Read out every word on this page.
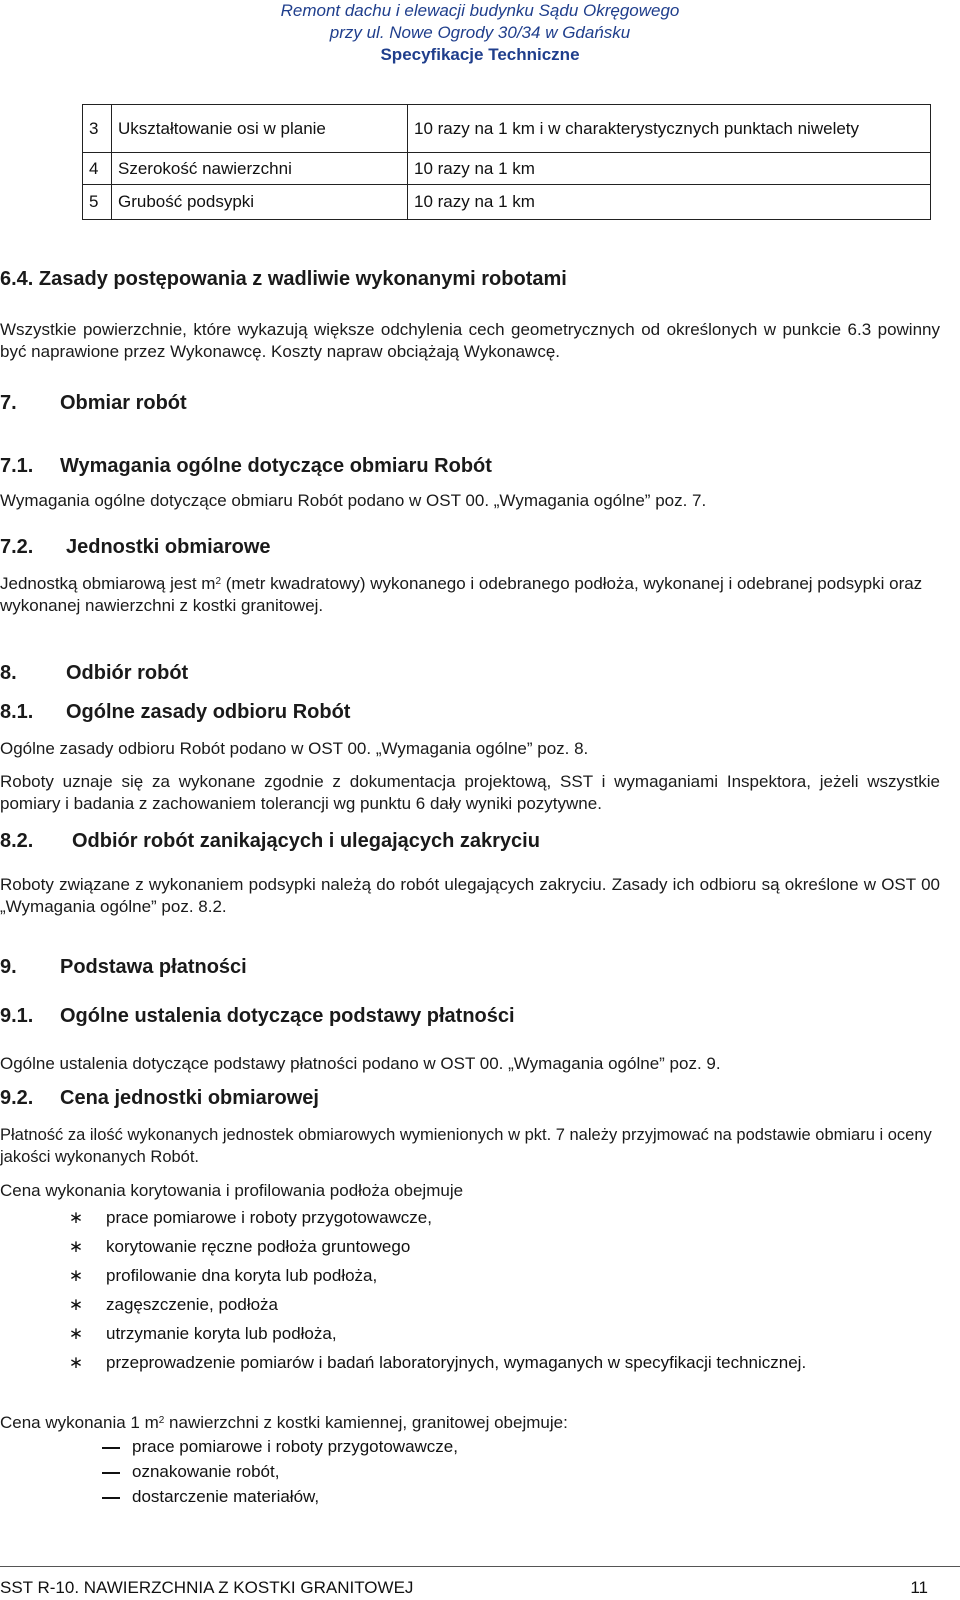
Remont dachu i elewacji budynku Sądu Okręgowego
przy ul. Nowe Ogrody 30/34 w Gdańsku
Specyfikacje Techniczne
3	Ukształtowanie osi w planie	10 razy na 1 km i w charakterystycznych punktach niwelety
4	Szerokość nawierzchni	10 razy na 1 km
5	Grubość podsypki	10 razy na 1 km
6.4. Zasady postępowania z wadliwie wykonanymi robotami
Wszystkie powierzchnie, które wykazują większe odchylenia cech geometrycznych od określonych w punkcie 6.3 powinny być naprawione przez Wykonawcę. Koszty napraw obciążają Wykonawcę.
7. Obmiar robót
7.1. Wymagania ogólne dotyczące obmiaru Robót
Wymagania ogólne dotyczące obmiaru Robót podano w OST 00. „Wymagania ogólne” poz. 7.
7.2. Jednostki obmiarowe
Jednostką obmiarową jest $m^2$ (metr kwadratowy) wykonanego i odebranego podłoża, wykonanej i odebranej podsypki oraz wykonanej nawierzchni z kostki granitowej.
8. Odbiór robót
8.1. Ogólne zasady odbioru Robót
Ogólne zasady odbioru Robót podano w OST 00. „Wymagania ogólne” poz. 8.
Roboty uznaje się za wykonane zgodnie z dokumentacja projektową, SST i wymaganiami Inspektora, jeżeli wszystkie pomiary i badania z zachowaniem tolerancji wg punktu 6 dały wyniki pozytywne.
8.2. Odbiór robót zanikających i ulegających zakryciu
Roboty związane z wykonaniem podsypki należą do robót ulegających zakryciu. Zasady ich odbioru są określone w OST 00 „Wymagania ogólne” poz. 8.2.
9. Podstawa płatności
9.1. Ogólne ustalenia dotyczące podstawy płatności
Ogólne ustalenia dotyczące podstawy płatności podano w OST 00. „Wymagania ogólne” poz. 9.
9.2. Cena jednostki obmiarowej
Płatność za ilość wykonanych jednostek obmiarowych wymienionych w pkt. 7 należy przyjmować na podstawie obmiaru i oceny jakości wykonanych Robót.
Cena wykonania korytowania i profilowania podłoża obejmuje
∗ prace pomiarowe i roboty przygotowawcze,
∗ korytowanie ręczne podłoża gruntowego
∗ profilowanie dna koryta lub podłoża,
∗ zagęszczenie, podłoża
∗ utrzymanie koryta lub podłoża,
∗ przeprowadzenie pomiarów i badań laboratoryjnych, wymaganych w specyfikacji technicznej.
Cena wykonania 1 $m^2$ nawierzchni z kostki kamiennej, granitowej obejmuje:
prace pomiarowe i roboty przygotowawcze,
oznakowanie robót,
dostarczenie materiałów,
SST R-10. NAWIERZCHNIA Z KOSTKI GRANITOWEJ	11
